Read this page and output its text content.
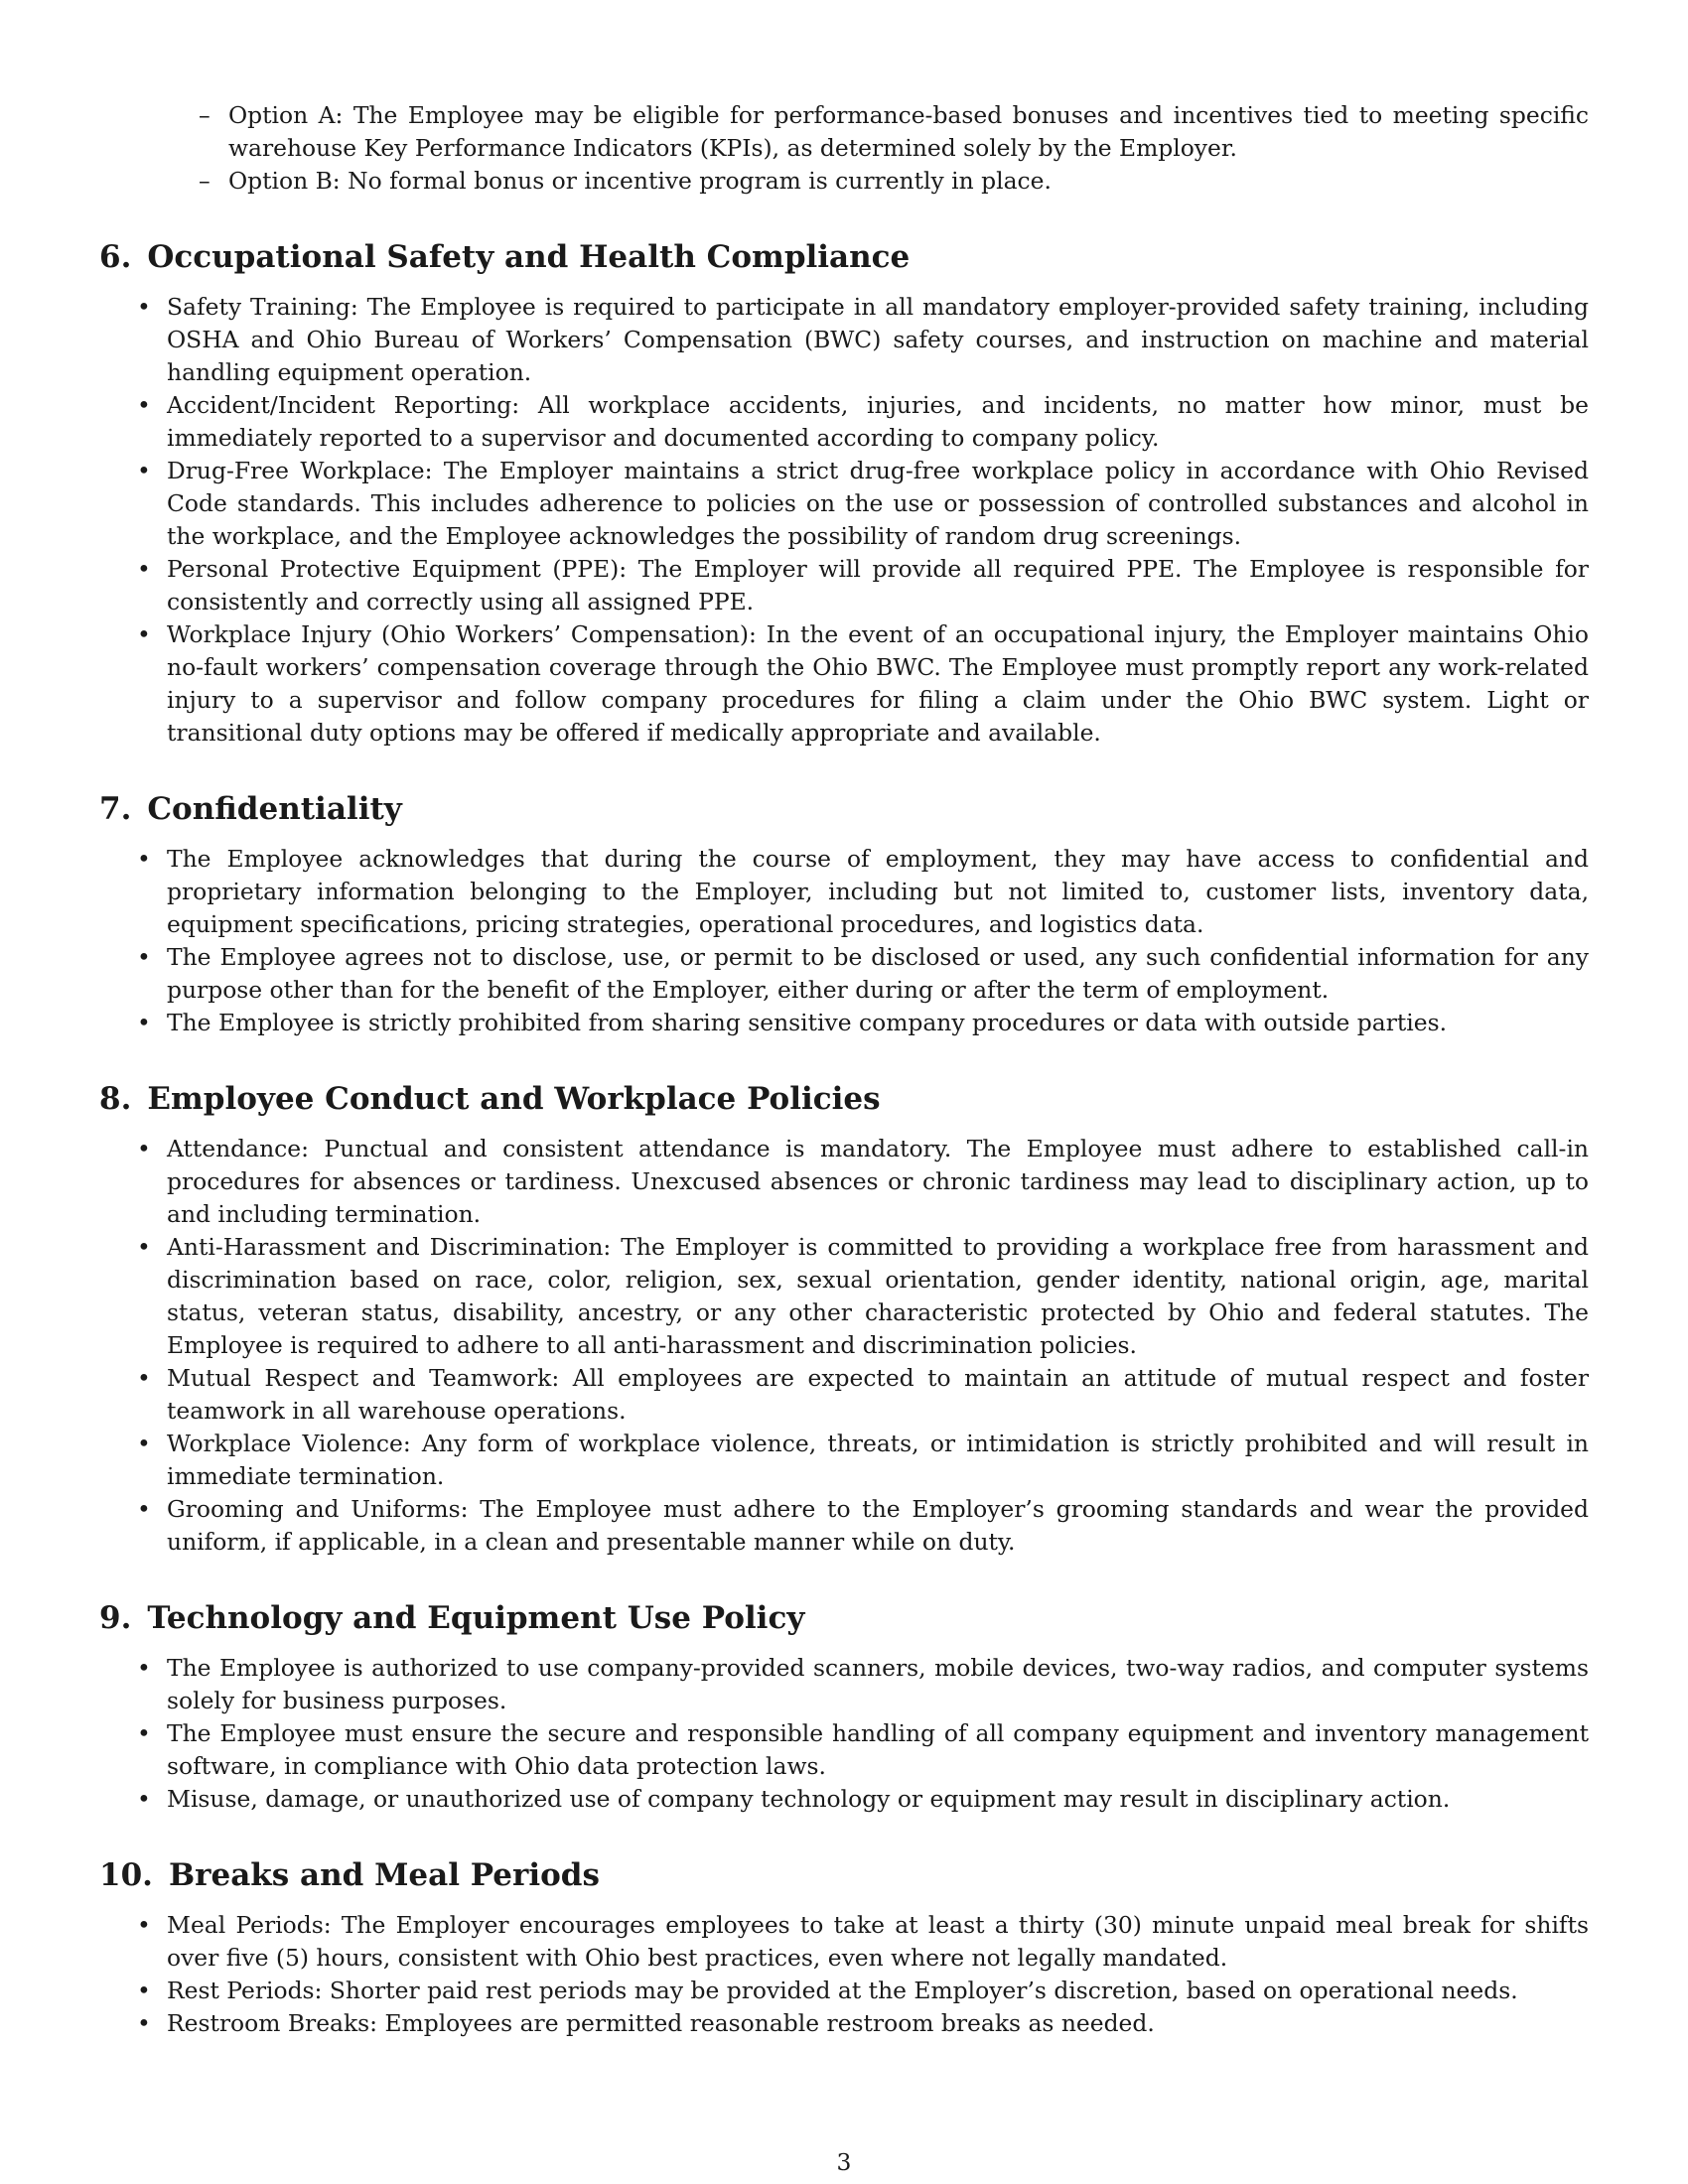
– Option A: The Employee may be eligible for performance-based bonuses and incentives tied to meeting specific warehouse Key Performance Indicators (KPIs), as determined solely by the Employer.
– Option B: No formal bonus or incentive program is currently in place.
6. Occupational Safety and Health Compliance
• Safety Training: The Employee is required to participate in all mandatory employer-provided safety training, including OSHA and Ohio Bureau of Workers’ Compensation (BWC) safety courses, and instruction on machine and material handling equipment operation.
• Accident/Incident Reporting: All workplace accidents, injuries, and incidents, no matter how minor, must be immediately reported to a supervisor and documented according to company policy.
• Drug-Free Workplace: The Employer maintains a strict drug-free workplace policy in accordance with Ohio Revised Code standards. This includes adherence to policies on the use or possession of controlled substances and alcohol in the workplace, and the Employee acknowledges the possibility of random drug screenings.
• Personal Protective Equipment (PPE): The Employer will provide all required PPE. The Employee is responsible for consistently and correctly using all assigned PPE.
• Workplace Injury (Ohio Workers’ Compensation): In the event of an occupational injury, the Employer maintains Ohio no-fault workers’ compensation coverage through the Ohio BWC. The Employee must promptly report any work-related injury to a supervisor and follow company procedures for filing a claim under the Ohio BWC system. Light or transitional duty options may be offered if medically appropriate and available.
7. Confidentiality
• The Employee acknowledges that during the course of employment, they may have access to confidential and proprietary information belonging to the Employer, including but not limited to, customer lists, inventory data, equipment specifications, pricing strategies, operational procedures, and logistics data.
• The Employee agrees not to disclose, use, or permit to be disclosed or used, any such confidential information for any purpose other than for the benefit of the Employer, either during or after the term of employment.
• The Employee is strictly prohibited from sharing sensitive company procedures or data with outside parties.
8. Employee Conduct and Workplace Policies
• Attendance: Punctual and consistent attendance is mandatory. The Employee must adhere to established call-in procedures for absences or tardiness. Unexcused absences or chronic tardiness may lead to disciplinary action, up to and including termination.
• Anti-Harassment and Discrimination: The Employer is committed to providing a workplace free from harassment and discrimination based on race, color, religion, sex, sexual orientation, gender identity, national origin, age, marital status, veteran status, disability, ancestry, or any other characteristic protected by Ohio and federal statutes. The Employee is required to adhere to all anti-harassment and discrimination policies.
• Mutual Respect and Teamwork: All employees are expected to maintain an attitude of mutual respect and foster teamwork in all warehouse operations.
• Workplace Violence: Any form of workplace violence, threats, or intimidation is strictly prohibited and will result in immediate termination.
• Grooming and Uniforms: The Employee must adhere to the Employer’s grooming standards and wear the provided uniform, if applicable, in a clean and presentable manner while on duty.
9. Technology and Equipment Use Policy
• The Employee is authorized to use company-provided scanners, mobile devices, two-way radios, and computer systems solely for business purposes.
• The Employee must ensure the secure and responsible handling of all company equipment and inventory management software, in compliance with Ohio data protection laws.
• Misuse, damage, or unauthorized use of company technology or equipment may result in disciplinary action.
10. Breaks and Meal Periods
• Meal Periods: The Employer encourages employees to take at least a thirty (30) minute unpaid meal break for shifts over five (5) hours, consistent with Ohio best practices, even where not legally mandated.
• Rest Periods: Shorter paid rest periods may be provided at the Employer’s discretion, based on operational needs.
• Restroom Breaks: Employees are permitted reasonable restroom breaks as needed.
3
